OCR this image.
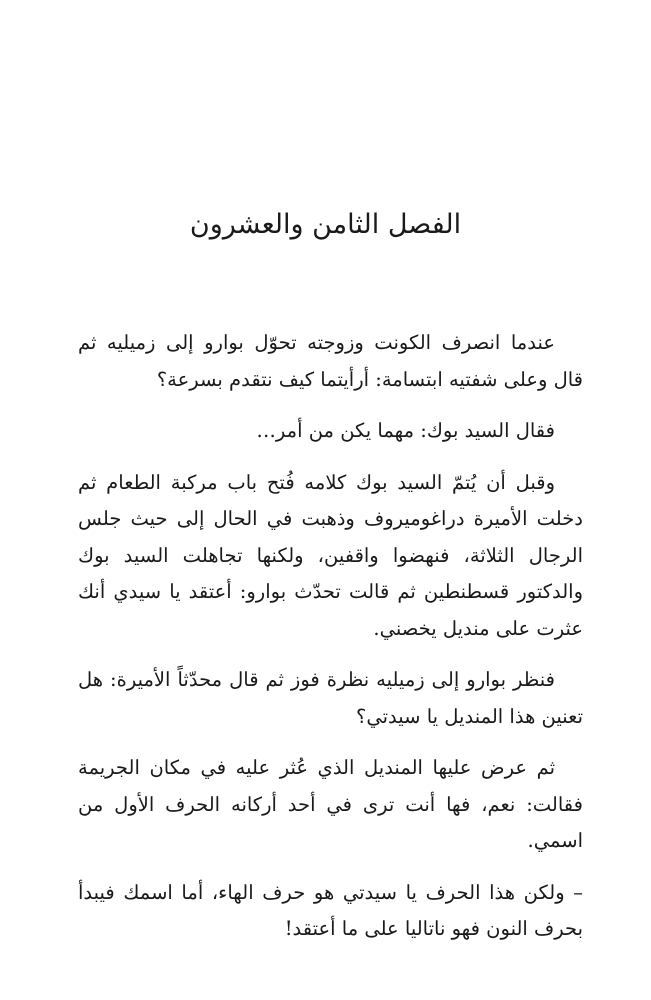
الفصل الثامن والعشرون

عندما انصرف الكونت وزوجته تحوّل بوارو إلى زميليه ثم قال وعلى شفتيه ابتسامة: أرأيتما كيف نتقدم بسرعة؟

فقال السيد بوك: مهما يكن من أمر…

وقبل أن يُتمّ السيد بوك كلامه فُتح باب مركبة الطعام ثم دخلت الأميرة دراغوميروف وذهبت في الحال إلى حيث جلس الرجال الثلاثة، فنهضوا واقفين، ولكنها تجاهلت السيد بوك والدكتور قسطنطين ثم قالت تحدّث بوارو: أعتقد يا سيدي أنك عثرت على منديل يخصني.

فنظر بوارو إلى زميليه نظرة فوز ثم قال محدّثاً الأميرة: هل تعنين هذا المنديل يا سيدتي؟

ثم عرض عليها المنديل الذي عُثر عليه في مكان الجريمة فقالت: نعم، فها أنت ترى في أحد أركانه الحرف الأول من اسمي.

– ولكن هذا الحرف يا سيدتي هو حرف الهاء، أما اسمك فيبدأ بحرف النون فهو ناتاليا على ما أعتقد!
